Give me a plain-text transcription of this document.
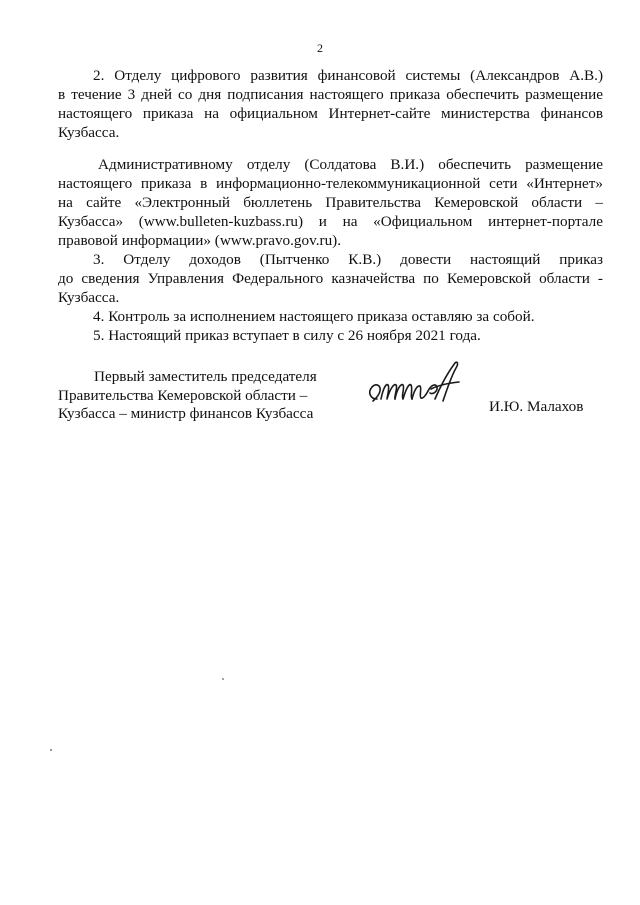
2

2. Отделу цифрового развития финансовой системы (Александров А.В.)
в течение 3 дней со дня подписания настоящего приказа обеспечить размещение
настоящего приказа на официальном Интернет-сайте министерства финансов
Кузбасса.

Административному отделу (Солдатова В.И.) обеспечить размещение
настоящего приказа в информационно-телекоммуникационной сети «Интернет»
на сайте «Электронный бюллетень Правительства Кемеровской области –
Кузбасса» (www.bulleten-kuzbass.ru) и на «Официальном интернет-портале
правовой информации» (www.pravo.gov.ru).

3. Отделу доходов (Пытченко К.В.) довести настоящий приказ
до сведения Управления Федерального казначейства по Кемеровской области -
Кузбасса.

4. Контроль за исполнением настоящего приказа оставляю за собой.

5. Настоящий приказ вступает в силу с 26 ноября 2021 года.

Первый заместитель председателя
Правительства Кемеровской области –
Кузбасса – министр финансов Кузбасса	И.Ю. Малахов
